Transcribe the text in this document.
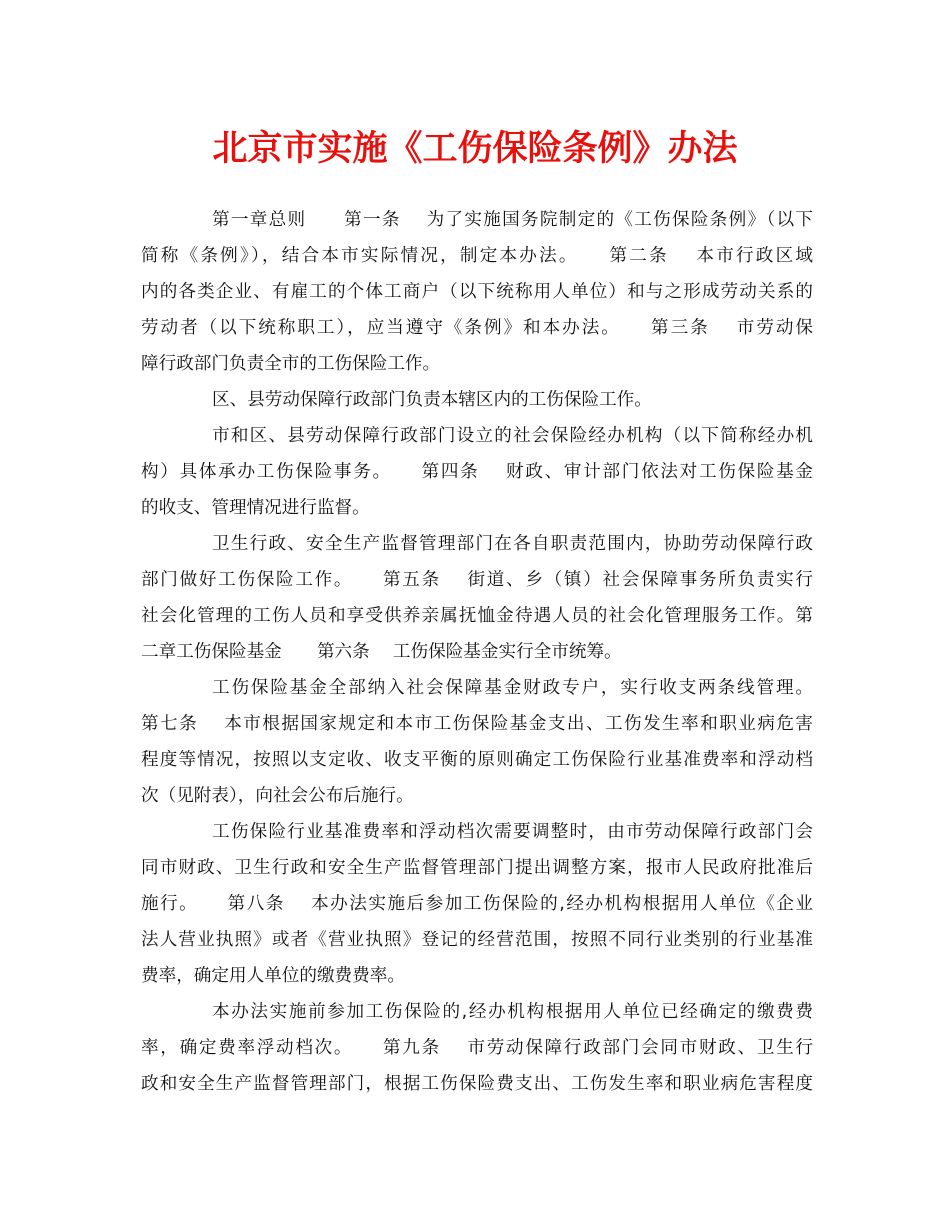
北京市实施《工伤保险条例》办法
第一章总则　　第一条　 为了实施国务院制定的《工伤保险条例》（以下
简称《条例》），结合本市实际情况，制定本办法。　　第二条　 本市行政区域
内的各类企业、有雇工的个体工商户（以下统称用人单位）和与之形成劳动关系的
劳动者（以下统称职工），应当遵守《条例》和本办法。　　第三条　 市劳动保
障行政部门负责全市的工伤保险工作。
区、县劳动保障行政部门负责本辖区内的工伤保险工作。
市和区、县劳动保障行政部门设立的社会保险经办机构（以下简称经办机
构）具体承办工伤保险事务。　　第四条　 财政、审计部门依法对工伤保险基金
的收支、管理情况进行监督。
卫生行政、安全生产监督管理部门在各自职责范围内，协助劳动保障行政
部门做好工伤保险工作。　　第五条　 街道、乡（镇）社会保障事务所负责实行
社会化管理的工伤人员和享受供养亲属抚恤金待遇人员的社会化管理服务工作。第
二章工伤保险基金　　第六条　 工伤保险基金实行全市统筹。
工伤保险基金全部纳入社会保障基金财政专户，实行收支两条线管理。
第七条　 本市根据国家规定和本市工伤保险基金支出、工伤发生率和职业病危害
程度等情况，按照以支定收、收支平衡的原则确定工伤保险行业基准费率和浮动档
次（见附表），向社会公布后施行。
工伤保险行业基准费率和浮动档次需要调整时，由市劳动保障行政部门会
同市财政、卫生行政和安全生产监督管理部门提出调整方案，报市人民政府批准后
施行。　　第八条　 本办法实施后参加工伤保险的,经办机构根据用人单位《企业
法人营业执照》或者《营业执照》登记的经营范围，按照不同行业类别的行业基准
费率，确定用人单位的缴费费率。
本办法实施前参加工伤保险的,经办机构根据用人单位已经确定的缴费费
率，确定费率浮动档次。　　第九条　 市劳动保障行政部门会同市财政、卫生行
政和安全生产监督管理部门，根据工伤保险费支出、工伤发生率和职业病危害程度
